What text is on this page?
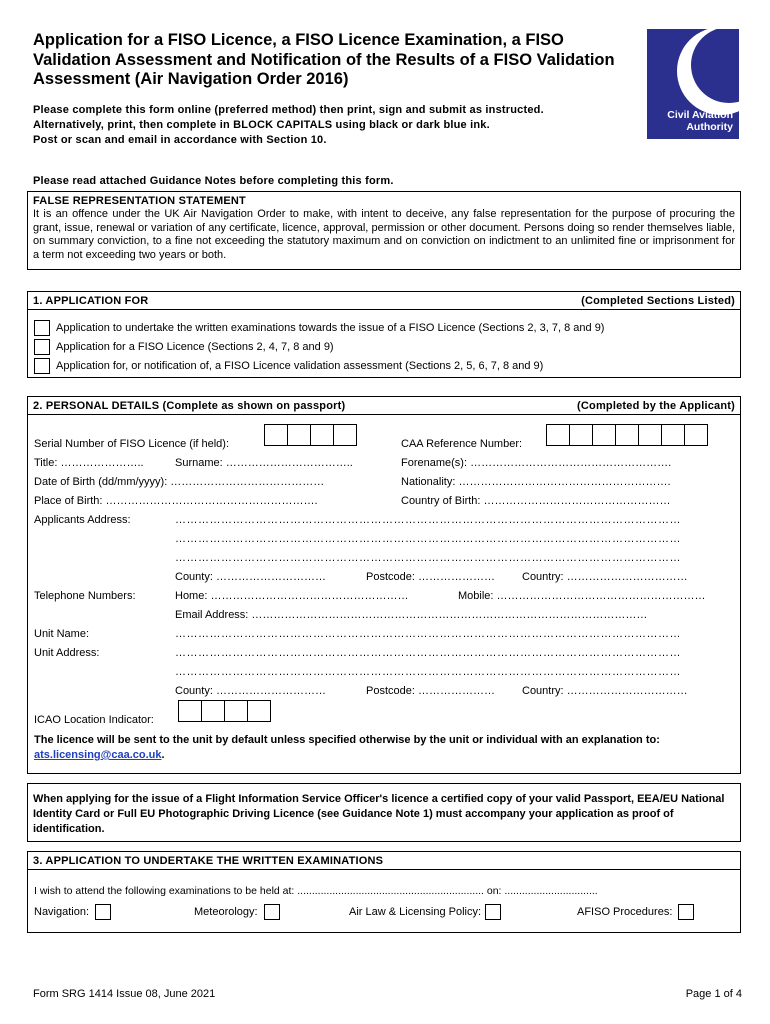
Application for a FISO Licence, a FISO Licence Examination, a FISO Validation Assessment and Notification of the Results of a FISO Validation Assessment (Air Navigation Order 2016)
Please complete this form online (preferred method) then print, sign and submit as instructed.
Alternatively, print, then complete in BLOCK CAPITALS using black or dark blue ink.
Post or scan and email in accordance with Section 10.
Civil Aviation
Authority
Please read attached Guidance Notes before completing this form.
FALSE REPRESENTATION STATEMENT
It is an offence under the UK Air Navigation Order to make, with intent to deceive, any false representation for the purpose of procuring the grant, issue, renewal or variation of any certificate, licence, approval, permission or other document. Persons doing so render themselves liable, on summary conviction, to a fine not exceeding the statutory maximum and on conviction on indictment to an unlimited fine or imprisonment for a term not exceeding two years or both.
1. APPLICATION FOR	(Completed Sections Listed)
Application to undertake the written examinations towards the issue of a FISO Licence (Sections 2, 3, 7, 8 and 9)
Application for a FISO Licence (Sections 2, 4, 7, 8 and 9)
Application for, or notification of, a FISO Licence validation assessment (Sections 2, 5, 6, 7, 8 and 9)
2. PERSONAL DETAILS (Complete as shown on passport)	(Completed by the Applicant)
Serial Number of FISO Licence (if held):	CAA Reference Number:
Title: …………………..	Surname: ……………………………..	Forename(s): ……………………………………………….
Date of Birth (dd/mm/yyyy): ……………………………………	Nationality: ………………………………………………….
Place of Birth: ………………………………………………….	Country of Birth: ……………………………………………
Applicants Address:	……………………………………………………………………………………………………………………
……………………………………………………………………………………………………………………
……………………………………………………………………………………………………………………
County: …………………………	Postcode: ………………… Country: ……………………………
Telephone Numbers:	Home: ………………………………………………	Mobile: …………………………………………………
Email Address: ………………………………………………………………………………………………
Unit Name:	……………………………………………………………………………………………………………………
Unit Address:	……………………………………………………………………………………………………………………
……………………………………………………………………………………………………………………
County: …………………………	Postcode: ………………… Country: ……………………………
ICAO Location Indicator:
The licence will be sent to the unit by default unless specified otherwise by the unit or individual with an explanation to: ats.licensing@caa.co.uk.
When applying for the issue of a Flight Information Service Officer's licence a certified copy of your valid Passport, EEA/EU National Identity Card or Full EU Photographic Driving Licence (see Guidance Note 1) must accompany your application as proof of identification.
3. APPLICATION TO UNDERTAKE THE WRITTEN EXAMINATIONS
I wish to attend the following examinations to be held at: ................................................................ on: ................................
Navigation:	Meteorology:	Air Law & Licensing Policy:	AFISO Procedures:
Form SRG 1414 Issue 08, June 2021	Page 1 of 4
